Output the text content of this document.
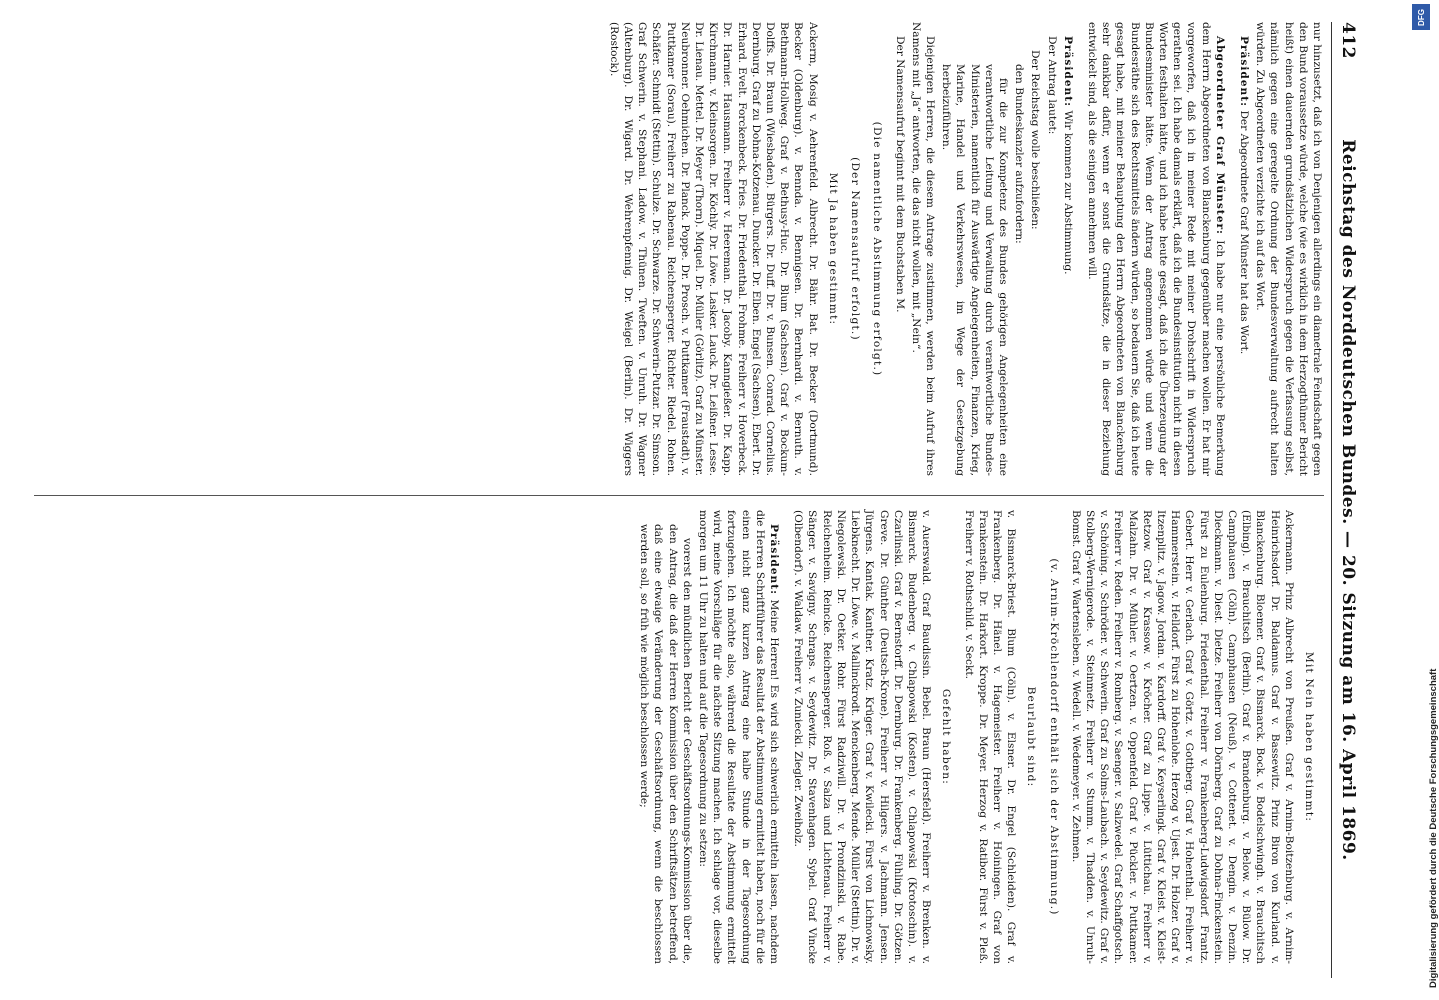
412
Reichstag des Norddeutschen Bundes. — 20. Sitzung am 16. April 1869.

nur hinzusetzt, daß ich von Denjenigen allerdings ein diametrale Feindschaft gegen den Bund voraussetze würde, welche (wie es wirklich in dem Herzogthümer Bericht heißt) einen dauernden grundsätzlichen Widerspruch gegen die Verfassung selbst, nämlich gegen eine geregelte Ordnung der Bundesverwaltung aufrecht halten würden. Zu Abgeordneten verzichte ich auf das Wort.

Präsident: Der Abgeordnete Graf Münster hat das Wort.

Abgeordneter Graf Münster: Ich habe nur eine persönliche Bemerkung dem Herrn Abgeordneten von Blanckenburg gegenüber machen wollen. Er hat mir vorgeworfen, daß ich in meiner Rede mit meiner Drohschrift in Widerspruch gerathen sei. Ich habe damals erklärt, daß ich die Bundesinstitution nicht in diesen Worten festhalten hätte, und ich habe heute gesagt, daß ich die Überzeugung der Bundesminister hätte. Wenn der Antrag angenommen würde und wenn die Bundesräthe sich des Rechtsmittels ändern würden, so bedauern Sie, daß ich heute gesagt habe, mit meiner Behauptung den Herrn Abgeordneten von Blanckenburg sehr dankbar dafür, wenn er sonst die Grundsätze, die in dieser Beziehung entwickelt sind, als die seinigen annehmen will.

Präsident: Wir kommen zur Abstimmung.

Der Antrag lautet:

Der Reichstag wolle beschließen:

den Bundeskanzler aufzufordern:

für die zur Kompetenz des Bundes gehörigen Angelegenheiten eine verantwortliche Leitung und Verwaltung durch verantwortliche Bundes-Ministerien, namentlich für Auswärtige Angelegenheiten, Finanzen, Krieg, Marine, Handel und Verkehrswesen, im Wege der Gesetzgebung herbeizuführen.

Diejenigen Herren, die diesem Antrage zustimmen, werden beim Aufruf ihres Namens mit „Ja“ antworten, die das nicht wollen, mit „Nein“.

Der Namensaufruf beginnt mit dem Buchstaben M.

(Die namentliche Abstimmung erfolgt.)

(Der Namensaufruf erfolgt.)

Mit Ja haben gestimmt:

Ackerm, Mosig v. Aehrenfeld. Albrecht. Dr. Bähr. Bat. Dr. Becker (Dortmund). Becker (Oldenburg). v. Bennda. v. Bennigsen. Dr. Bernhardi. v. Bernuth. v. Bethmann-Hollweg. Graf v. Bethusy-Huc. Dr. Blum (Sachsen). Graf v. Bockum-Dolffs. Dr. Braun (Wiesbaden). Bürgers. Dr. Duff. Dr. v. Bunsen. Conrad. Cornelius. Dernburg. Graf zu Dohna-Kotzenau. Duncker. Dr. Elben. Engel (Sachsen). Ebert. Dr. Erhard. Evelt. Forckenbeck. Fries. Dr. Friedenthal. Frohme. Freiherr v. Hoverbeck. Dr. Harnier. Hausmann. Freiherr v. Heereman. Dr. Jacoby. Kanngießer. Dr. Kapp. Kirchmann. v. Kleinsorgen. Dr. Köchly. Dr. Löwe. Lasker. Lauck. Dr. Leißner. Lesse. Dr. Lienau. Mettel. Dr. Meyer (Thorn). Miquel. Dr. Müller (Görlitz). Graf zu Münster. Neubronner. Oehmichen. Dr. Planck. Poppe. Dr. Prosch. v. Puttkamer (Fraustadt). v. Puttkamer (Sorau). Freiherr zu Rabenau. Reichensperger. Richter. Riedel. Rohen. Schäfer. Schmidt (Stettin). Schulze. Dr. Schwarze. Dr. Schwerin-Putzar. Dr. Simson. Graf Schwerin. v. Stephani. Ladow. v. Thünen. Tweften. v. Unruh. Dr. Wagner (Altenburg). Dr. Wigard. Dr. Wehrenpfennig. Dr. Weigel (Berlin). Dr. Wiggers (Rostock).

Mit Nein haben gestimmt:

Ackermann. Prinz Albrecht von Preußen. Graf v. Arnim-Boitzenburg. v. Arnim-Heinrichsdorf. Dr. Baldamus. Graf v. Bassewitz. Prinz Biron von Kurland. v. Blanckenburg. Bloemer. Graf v. Bismarck. Bock. v. Bodelschwingh. v. Brauchitsch (Elbing). v. Brauchitsch (Berlin). Graf v. Brandenburg. v. Below. v. Bülow. Dr. Camphausen (Cöln). Camphausen (Neuß). v. Cottenet. v. Dengin. v. Denzin. Dieckmann. v. Diest. Dietze. Freiherr von Dörnberg. Graf zu Dohna-Finckenstein. Fürst zu Eulenburg. Friedenthal. Freiherr v. Frankenberg-Ludwigsdorf. Frantz. Gebert. Herr v. Gerlach. Graf v. Görtz. v. Gottberg. Graf v. Hohenthal. Freiherr v. Hammerstein. v. Helldorf. Fürst zu Hohenlohe. Herzog v. Ujest. Dr. Holzer. Graf v. Itzenplitz. v. Jagow. Jordan. v. Kardorff. Graf v. Keyserlingk. Graf v. Kleist. v. Kleist-Retzow. Graf v. Krassow. v. Kröcher. Graf zu Lippe. v. Lüttichau. Freiherr v. Malzahn. Dr. v. Mühler. v. Oertzen. v. Oppenfeld. Graf v. Pückler. v. Puttkamer. Freiherr v. Reden. Freiherr v. Romberg. v. Saenger. v. Salzwedel. Graf Schaffgotsch. v. Schöning. v. Schröder. v. Schwerin. Graf zu Solms-Laubach. v. Seydewitz. Graf v. Stolberg-Wernigerode. v. Steinmetz. Freiherr v. Stumm. v. Thadden. v. Unruh-Bomst. Graf v. Wartensleben. v. Wedell. v. Wedemeyer. v. Zehmen.

(v. Arnim-Kröchlendorff enthält sich der Abstimmung.)

Beurlaubt sind:

v. Bismarck-Briest. Blum (Cöln). v. Elsner. Dr. Engel (Schleiden). Graf v. Frankenberg. Dr. Hänel. v. Hagemeister. Freiherr v. Hoiningen. Graf von Frankenstein. Dr. Harkort. Kroppe. Dr. Meyer. Herzog v. Ratibor. Fürst v. Pleß. Freiherr v. Rothschild. v. Seckt.

Gefehlt haben:

v. Auerswald. Graf Baudissin. Bebel. Braun (Hersfeld). Freiherr v. Brenken. v. Bismarck. Budenberg. v. Chlapowski (Kosten). v. Chlapowski (Krotoschin). v. Czarlinski. Graf v. Bernstorff. Dr. Dernburg. Dr. Frankenberg. Fühling. Dr. Götzen. Greve. Dr. Günther (Deutsch-Krone). Freiherr v. Hilgers. v. Jachmann. Jensen. Jürgens. Kantak. Kanther. Kratz. Krüger. Graf v. Kwilecki. Fürst von Lichnowsky. Liebknecht. Dr. Löwe. v. Mallinckrodt. Menckenberg. Mende. Müller (Stettin). Dr. v. Niegolewski. Dr. Oetker. Rohr. Fürst Radziwill. Dr. v. Prondzinski. v. Rabe. Reichenheim. Reincke. Reichensperger. Roß. v. Salza und Lichtenau. Freiherr v. Sänger. v. Savigny. Schraps. v. Seydewitz. Dr. Stavenhagen. Sybel. Graf Vincke (Olbendorf). v. Waldaw. Freiherr v. Zuniecki. Ziegler. Zweiholz.

Präsident: Meine Herren! Es wird sich schwerlich ermitteln lassen, nachdem die Herren Schriftführer das Resultat der Abstimmung ermittelt haben, noch für die einen nicht ganz kurzen Antrag eine halbe Stunde in der Tagesordnung fortzugehen. Ich möchte also, während die Resultate der Abstimmung ermittelt wird, meine Vorschläge für die nächste Sitzung machen. Ich schlage vor, dieselbe morgen um 11 Uhr zu halten und auf die Tagesordnung zu setzen:

vorerst den mündlichen Bericht der Geschäftsordnungs-Kommission über die, den Antrag, die daß der Herren Kommission über den Schriftsätzen betreffend, daß eine etwaige Veränderung der Geschäftsordnung, wenn die beschlossen werden soll, so früh wie möglich beschlossen werde;

DFG
Digitalisierung gefördert durch die Deutsche Forschungsgemeinschaft
